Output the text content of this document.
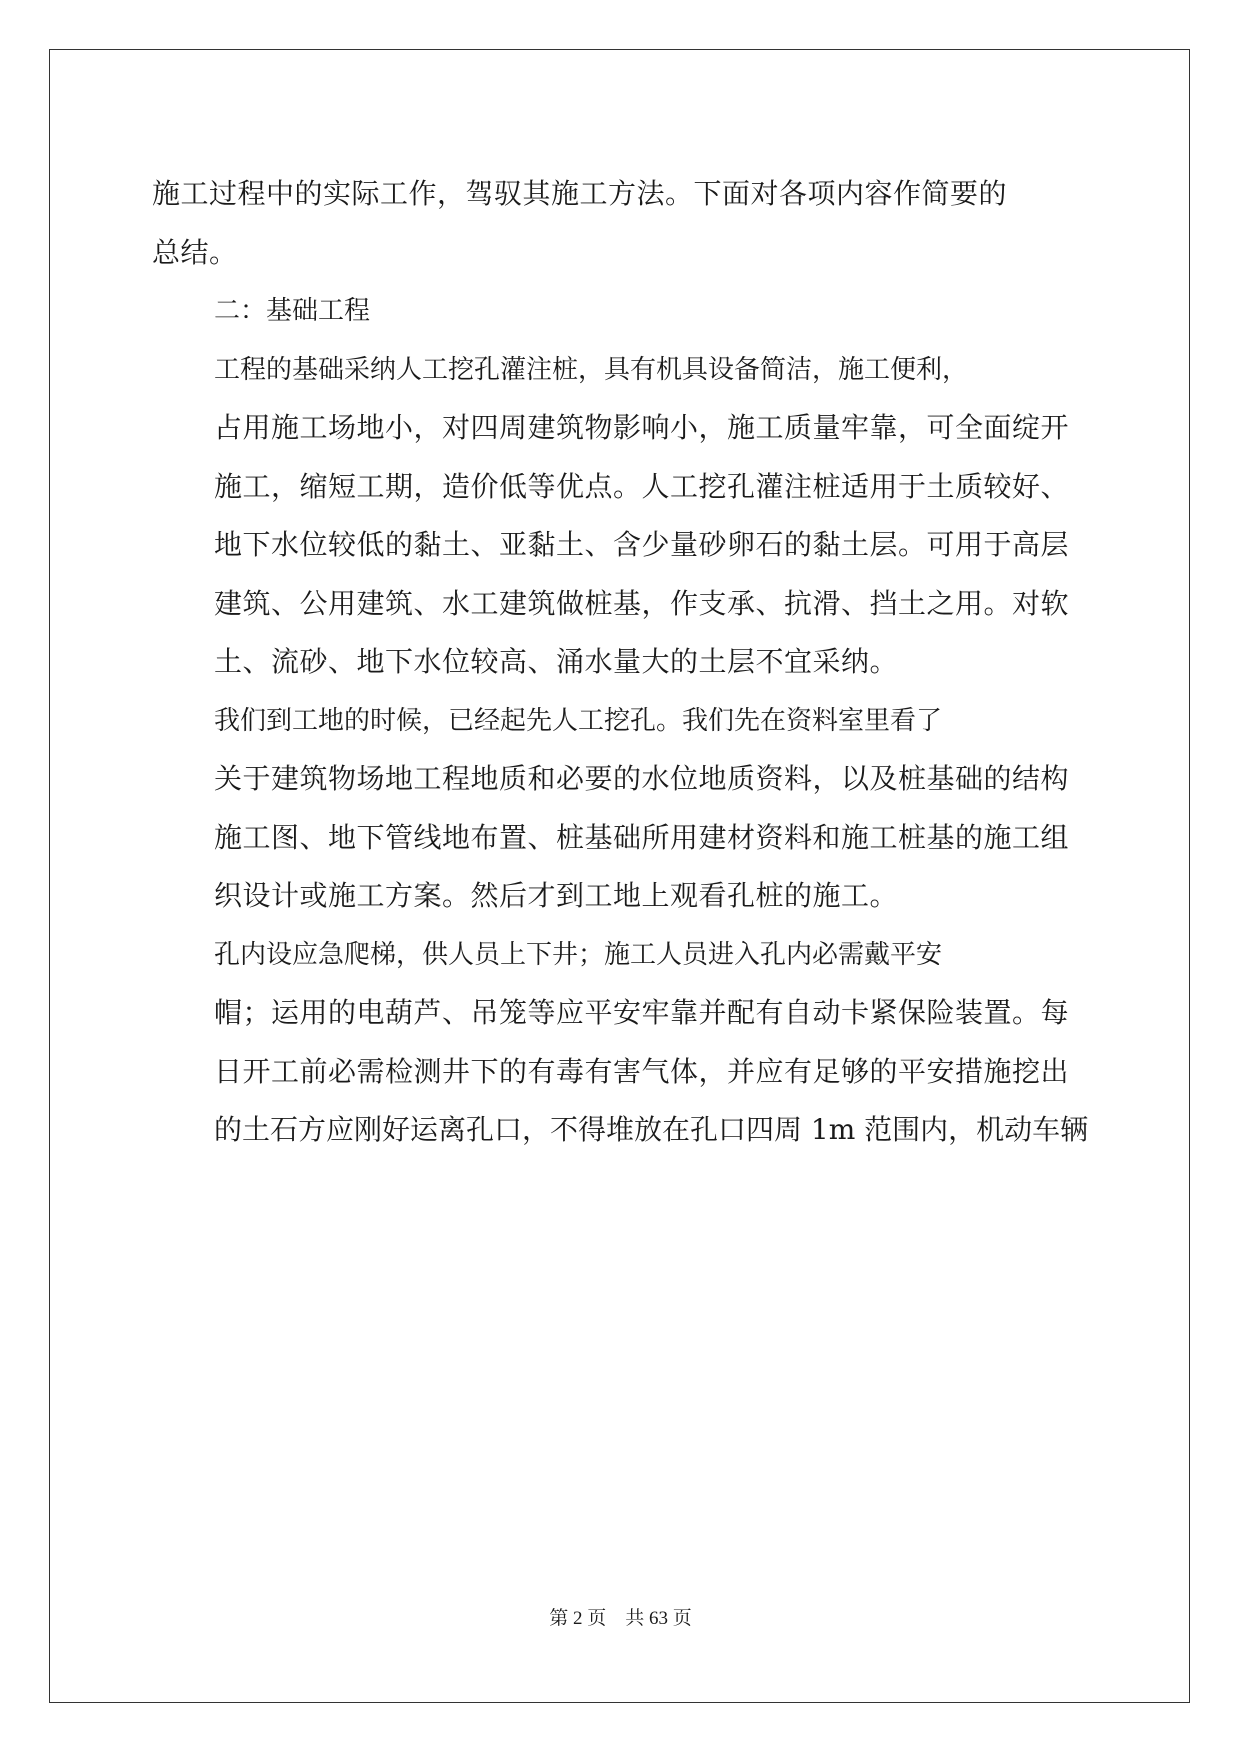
施工过程中的实际工作，驾驭其施工方法。下面对各项内容作简要的
总结。

二：基础工程

工程的基础采纳人工挖孔灌注桩，具有机具设备简洁，施工便利，
占用施工场地小，对四周建筑物影响小，施工质量牢靠，可全面绽开
施工，缩短工期，造价低等优点。人工挖孔灌注桩适用于土质较好、
地下水位较低的黏土、亚黏土、含少量砂卵石的黏土层。可用于高层
建筑、公用建筑、水工建筑做桩基，作支承、抗滑、挡土之用。对软
土、流砂、地下水位较高、涌水量大的土层不宜采纳。

我们到工地的时候，已经起先人工挖孔。我们先在资料室里看了
关于建筑物场地工程地质和必要的水位地质资料，以及桩基础的结构
施工图、地下管线地布置、桩基础所用建材资料和施工桩基的施工组
织设计或施工方案。然后才到工地上观看孔桩的施工。

孔内设应急爬梯，供人员上下井；施工人员进入孔内必需戴平安
帽；运用的电葫芦、吊笼等应平安牢靠并配有自动卡紧保险装置。每
日开工前必需检测井下的有毒有害气体，并应有足够的平安措施挖出
的土石方应刚好运离孔口，不得堆放在孔口四周 1m 范围内，机动车辆

第 2 页　共 63 页
